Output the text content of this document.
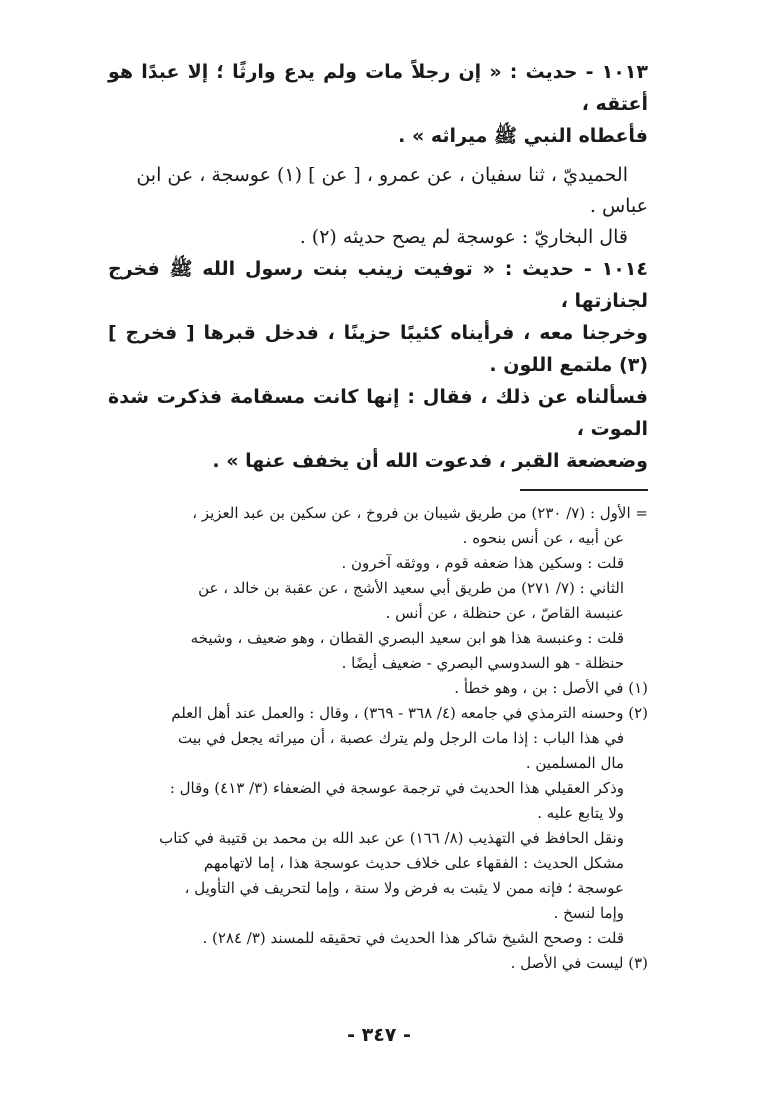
١٠١٣ - حديث : « إن رجلاً مات ولم يدع وارثًا ؛ إلا عبدًا هو أعتقه ،

فأعطاه النبي ﷺ ميراثه » .

الحميديّ ، ثنا سفيان ، عن عمرو ، [ عن ] (١) عوسجة ، عن ابن

عباس .

قال البخاريّ : عوسجة لم يصح حديثه (٢) .

١٠١٤ - حديث : « توفيت زينب بنت رسول الله ﷺ فخرج لجنازتها ،

وخرجنا معه ، فرأيناه كئيبًا حزينًا ، فدخل قبرها [ فخرج ] (٣) ملتمع اللون .

فسألناه عن ذلك ، فقال : إنها كانت مسقامة فذكرت شدة الموت ،

وضعضعة القبر ، فدعوت الله أن يخفف عنها » .

= الأول : (٧/ ٢٣٠) من طريق شيبان بن فروخ ، عن سكين بن عبد العزيز ،

عن أبيه ، عن أنس بنحوه .

قلت : وسكين هذا ضعفه قوم ، ووثقه آخرون .

الثاني : (٧/ ٢٧١) من طريق أبي سعيد الأشج ، عن عقبة بن خالد ، عن

عنبسة القاصّ ، عن حنظلة ، عن أنس .

قلت : وعنبسة هذا هو ابن سعيد البصري القطان ، وهو ضعيف ، وشيخه

حنظلة - هو السدوسي البصري - ضعيف أيضًا .

(١) في الأصل : بن ، وهو خطأ .

(٢) وحسنه الترمذي في جامعه (٤/ ٣٦٨ - ٣٦٩) ، وقال : والعمل عند أهل العلم

في هذا الباب : إذا مات الرجل ولم يترك عصبة ، أن ميراثه يجعل في بيت

مال المسلمين .

وذكر العقيلي هذا الحديث في ترجمة عوسجة في الضعفاء (٣/ ٤١٣) وقال :

ولا يتابع عليه .

ونقل الحافظ في التهذيب (٨/ ١٦٦) عن عبد الله بن محمد بن قتيبة في كتاب

مشكل الحديث : الفقهاء على خلاف حديث عوسجة هذا ، إما لاتهامهم

عوسجة ؛ فإنه ممن لا يثبت به فرض ولا سنة ، وإما لتحريف في التأويل ،

وإما لنسخ .

قلت : وصحح الشيخ شاكر هذا الحديث في تحقيقه للمسند (٣/ ٢٨٤) .

(٣) ليست في الأصل .

- ٣٤٧ -
